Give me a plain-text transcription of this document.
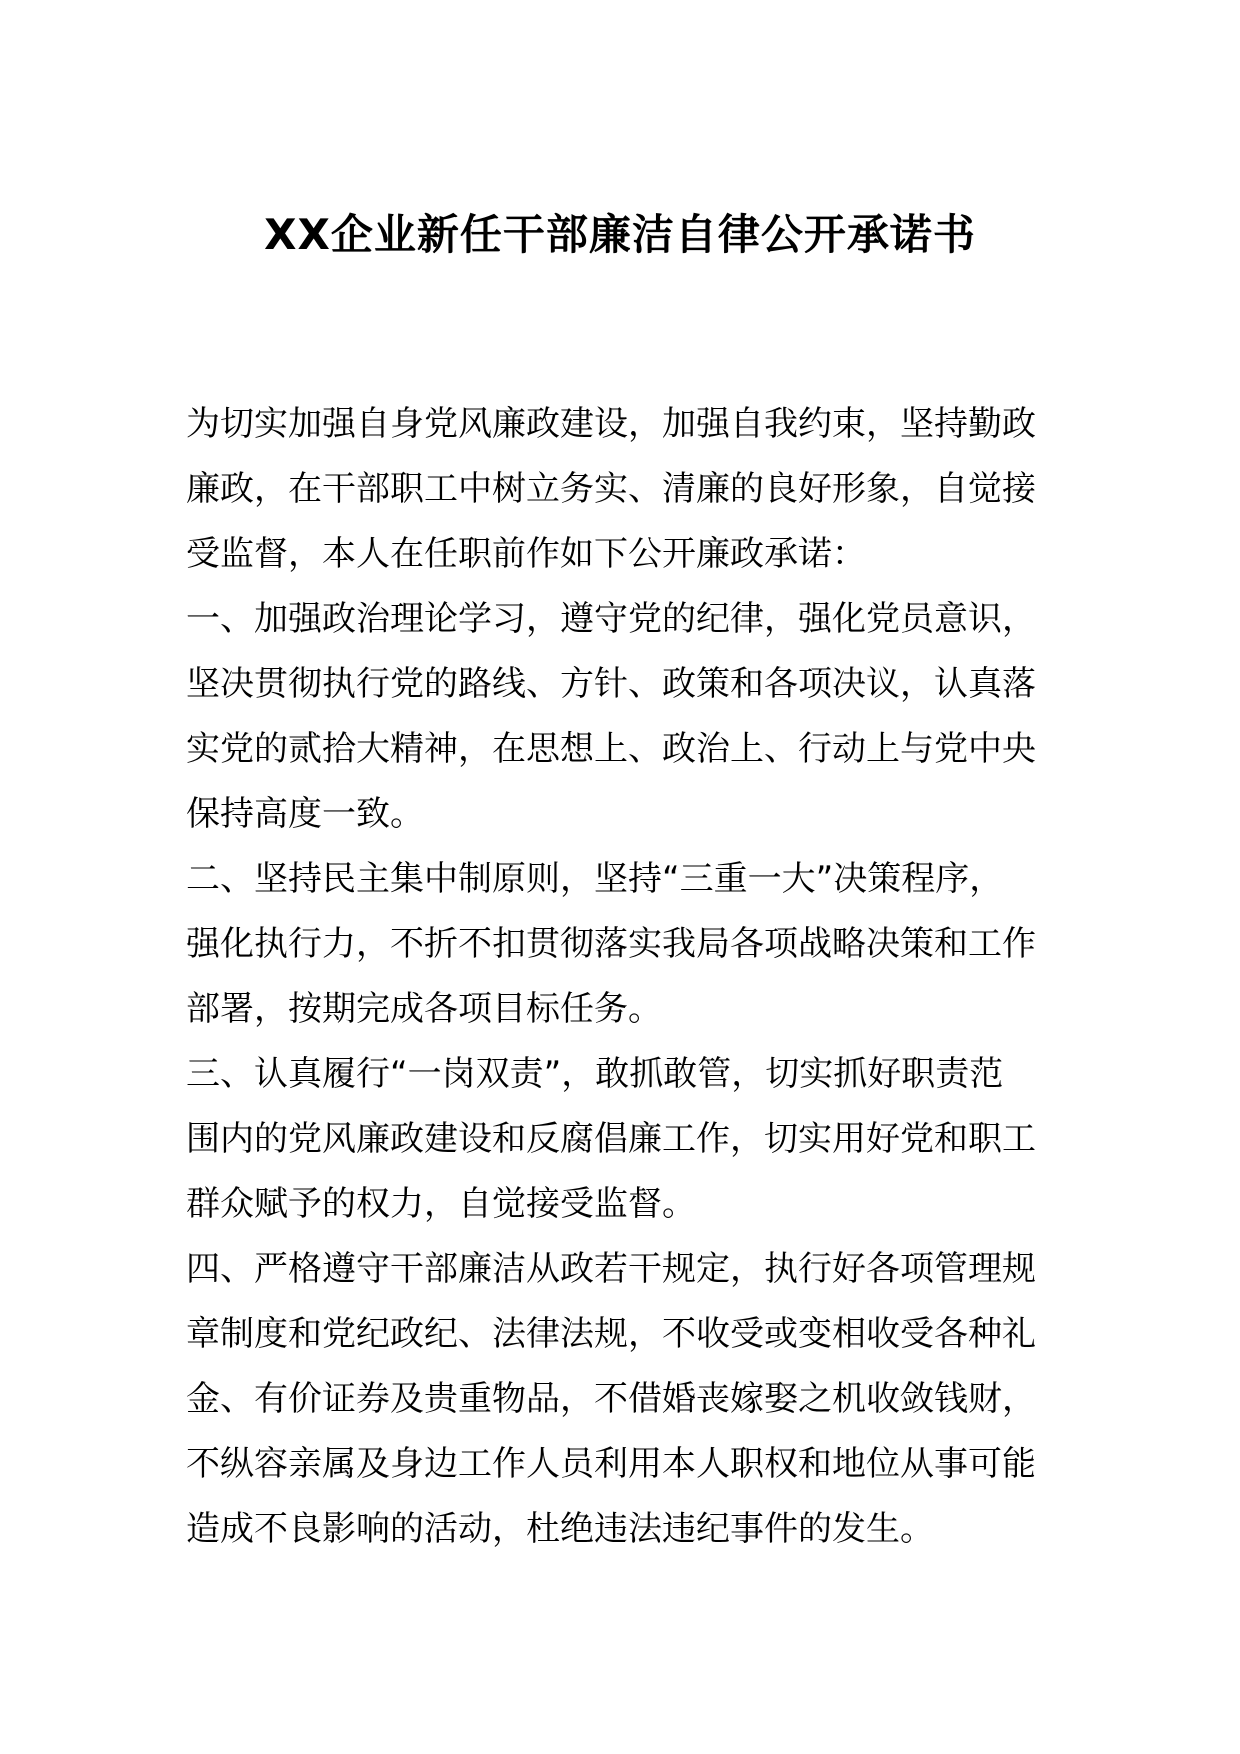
XX企业新任干部廉洁自律公开承诺书
为切实加强自身党风廉政建设，加强自我约束，坚持勤政
廉政，在干部职工中树立务实、清廉的良好形象，自觉接
受监督，本人在任职前作如下公开廉政承诺：
一、加强政治理论学习，遵守党的纪律，强化党员意识，
坚决贯彻执行党的路线、方针、政策和各项决议，认真落
实党的贰拾大精神，在思想上、政治上、行动上与党中央
保持高度一致。
二、坚持民主集中制原则，坚持“三重一大”决策程序，
强化执行力，不折不扣贯彻落实我局各项战略决策和工作
部署，按期完成各项目标任务。
三、认真履行“一岗双责”，敢抓敢管，切实抓好职责范
围内的党风廉政建设和反腐倡廉工作，切实用好党和职工
群众赋予的权力，自觉接受监督。
四、严格遵守干部廉洁从政若干规定，执行好各项管理规
章制度和党纪政纪、法律法规，不收受或变相收受各种礼
金、有价证券及贵重物品，不借婚丧嫁娶之机收敛钱财，
不纵容亲属及身边工作人员利用本人职权和地位从事可能
造成不良影响的活动，杜绝违法违纪事件的发生。
